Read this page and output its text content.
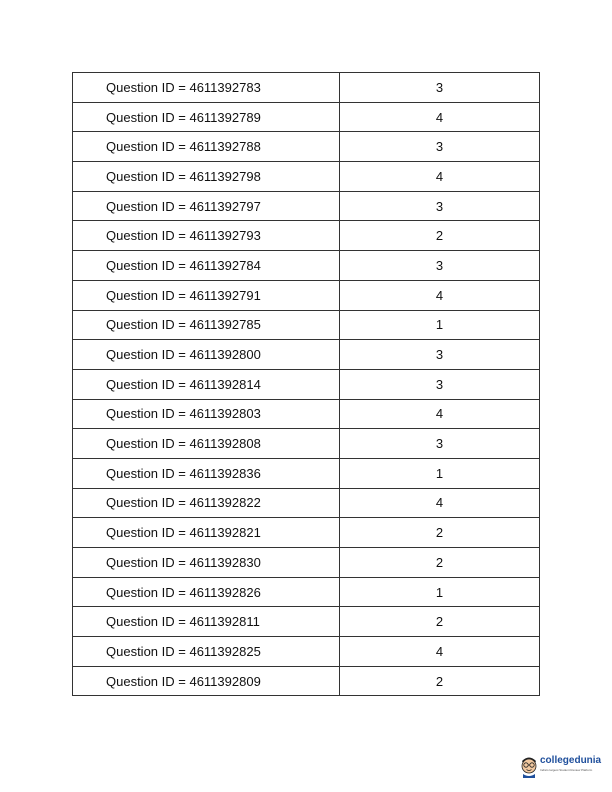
Question ID = 4611392783	3
Question ID = 4611392789	4
Question ID = 4611392788	3
Question ID = 4611392798	4
Question ID = 4611392797	3
Question ID = 4611392793	2
Question ID = 4611392784	3
Question ID = 4611392791	4
Question ID = 4611392785	1
Question ID = 4611392800	3
Question ID = 4611392814	3
Question ID = 4611392803	4
Question ID = 4611392808	3
Question ID = 4611392836	1
Question ID = 4611392822	4
Question ID = 4611392821	2
Question ID = 4611392830	2
Question ID = 4611392826	1
Question ID = 4611392811	2
Question ID = 4611392825	4
Question ID = 4611392809	2
collegedunia
India's largest Student Review Platform
